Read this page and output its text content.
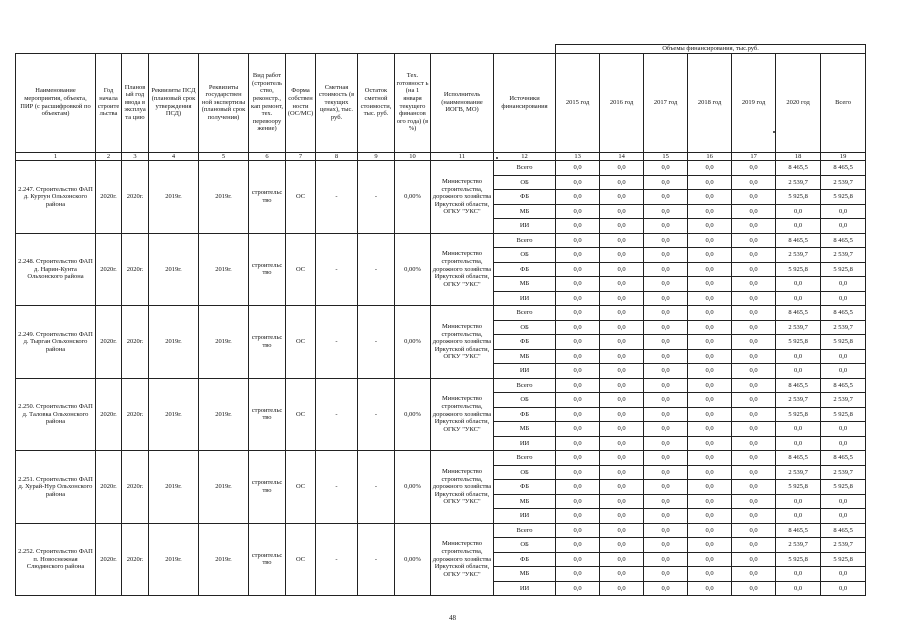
												Объемы финансирования, тыс.руб.						
Наименование мероприятия, объекта, ПИР (с расшифровкой по объектам)	Год начала строите льства	Плановый год ввода в эксплуата цию	Реквизиты ПСД (плановый срок утверждения ПСД)	Реквизиты государствен ной экспертизы (плановый срок получения)	Вид работ (строитель ство, реконстр., кап ремонт, тех. перевоору жение)	Форма собствен ности (ОС/МС)	Сметная стоимость (в текущих ценах), тыс. руб.	Остаток сметной стоимости, тыс. руб.	Тех. готовност ь (на 1 января текущего финансов ого года) (в %)	Исполнитель (наименование ИОГВ, МО)	Источники финансирования	2015 год	2016 год	2017 год	2018 год	2019 год	2020 год	Всего
1	2	3	4	5	6	7	8	9	10	11	12	13	14	15	16	17	18	19
2.247. Строительство ФАП д. Куртун Ольхонского района	2020г.	2020г.	2019г.	2019г.	строительс тво	ОС	-	-	0,00%	Министерство строительства, дорожного хозяйства Иркутской области, ОГКУ "УКС"	Всего	0,0	0,0	0,0	0,0	0,0	8 465,5	8 465,5
											ОБ	0,0	0,0	0,0	0,0	0,0	2 539,7	2 539,7
											ФБ	0,0	0,0	0,0	0,0	0,0	5 925,8	5 925,8
											МБ	0,0	0,0	0,0	0,0	0,0	0,0	0,0
											ИИ	0,0	0,0	0,0	0,0	0,0	0,0	0,0
2.248. Строительство ФАП д. Нарин-Кунта Ольхонского района	2020г.	2020г.	2019г.	2019г.	строительс тво	ОС	-	-	0,00%	Министерство строительства, дорожного хозяйства Иркутской области, ОГКУ "УКС"	Всего	0,0	0,0	0,0	0,0	0,0	8 465,5	8 465,5
											ОБ	0,0	0,0	0,0	0,0	0,0	2 539,7	2 539,7
											ФБ	0,0	0,0	0,0	0,0	0,0	5 925,8	5 925,8
											МБ	0,0	0,0	0,0	0,0	0,0	0,0	0,0
											ИИ	0,0	0,0	0,0	0,0	0,0	0,0	0,0
2.249. Строительство ФАП д. Тырган Ольхонского района	2020г.	2020г.	2019г.	2019г.	строительс тво	ОС	-	-	0,00%	Министерство строительства, дорожного хозяйства Иркутской области, ОГКУ "УКС"	Всего	0,0	0,0	0,0	0,0	0,0	8 465,5	8 465,5
											ОБ	0,0	0,0	0,0	0,0	0,0	2 539,7	2 539,7
											ФБ	0,0	0,0	0,0	0,0	0,0	5 925,8	5 925,8
											МБ	0,0	0,0	0,0	0,0	0,0	0,0	0,0
											ИИ	0,0	0,0	0,0	0,0	0,0	0,0	0,0
2.250. Строительство ФАП д. Таловка Ольхонского района	2020г.	2020г.	2019г.	2019г.	строительс тво	ОС	-	-	0,00%	Министерство строительства, дорожного хозяйства Иркутской области, ОГКУ "УКС"	Всего	0,0	0,0	0,0	0,0	0,0	8 465,5	8 465,5
											ОБ	0,0	0,0	0,0	0,0	0,0	2 539,7	2 539,7
											ФБ	0,0	0,0	0,0	0,0	0,0	5 925,8	5 925,8
											МБ	0,0	0,0	0,0	0,0	0,0	0,0	0,0
											ИИ	0,0	0,0	0,0	0,0	0,0	0,0	0,0
2.251. Строительство ФАП д. Хурай-Нур Ольхонского района	2020г.	2020г.	2019г.	2019г.	строительс тво	ОС	-	-	0,00%	Министерство строительства, дорожного хозяйства Иркутской области, ОГКУ "УКС"	Всего	0,0	0,0	0,0	0,0	0,0	8 465,5	8 465,5
											ОБ	0,0	0,0	0,0	0,0	0,0	2 539,7	2 539,7
											ФБ	0,0	0,0	0,0	0,0	0,0	5 925,8	5 925,8
											МБ	0,0	0,0	0,0	0,0	0,0	0,0	0,0
											ИИ	0,0	0,0	0,0	0,0	0,0	0,0	0,0
2.252. Строительство ФАП п. Новоснежная Слюдянского района	2020г.	2020г.	2019г.	2019г.	строительс тво	ОС	-	-	0,00%	Министерство строительства, дорожного хозяйства Иркутской области, ОГКУ "УКС"	Всего	0,0	0,0	0,0	0,0	0,0	8 465,5	8 465,5
											ОБ	0,0	0,0	0,0	0,0	0,0	2 539,7	2 539,7
											ФБ	0,0	0,0	0,0	0,0	0,0	5 925,8	5 925,8
											МБ	0,0	0,0	0,0	0,0	0,0	0,0	0,0
											ИИ	0,0	0,0	0,0	0,0	0,0	0,0	0,0
48
